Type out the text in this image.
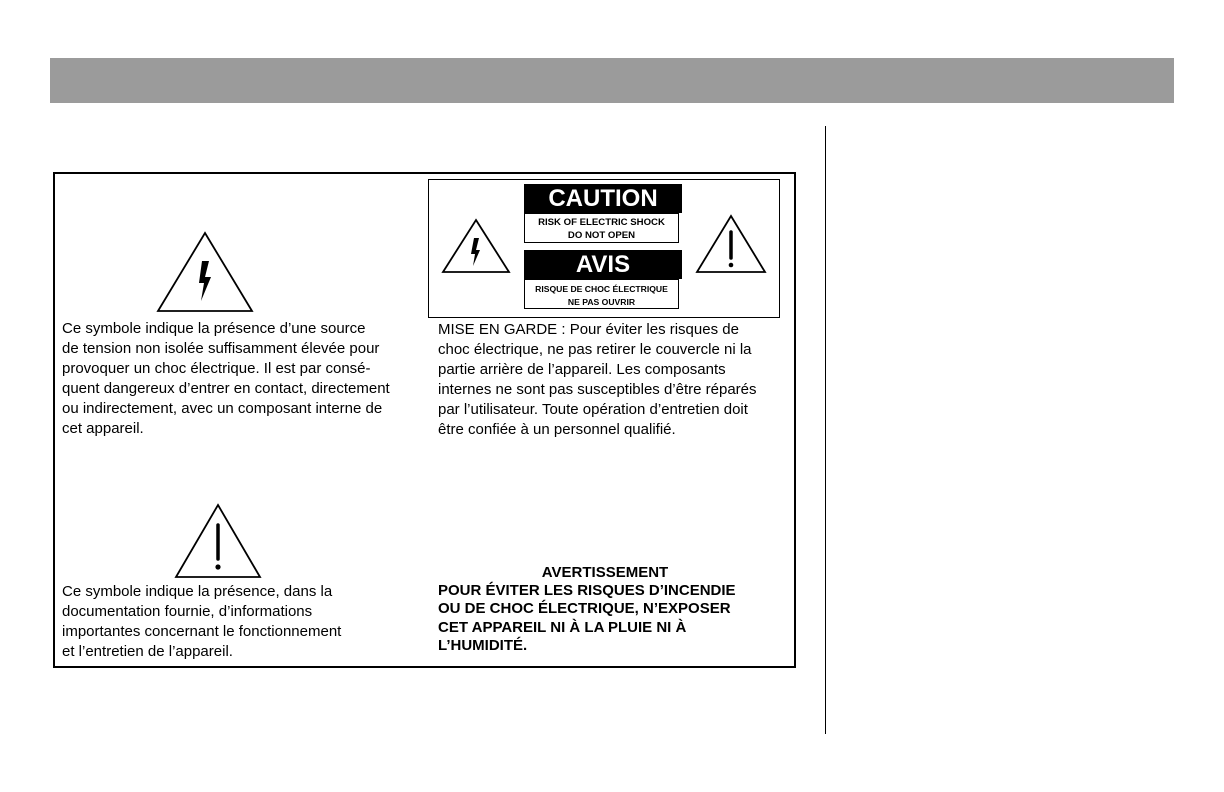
CAUTION
RISK OF ELECTRIC SHOCK
DO NOT OPEN
AVIS
RISQUE DE CHOC ÉLECTRIQUE
NE PAS OUVRIR

Ce symbole indique la présence d’une source
de tension non isolée suffisamment élevée pour
provoquer un choc électrique. Il est par consé-
quent dangereux d’entrer en contact, directement
ou indirectement, avec un composant interne de
cet appareil.

MISE EN GARDE : Pour éviter les risques de
choc électrique, ne pas retirer le couvercle ni la
partie arrière de l’appareil. Les composants
internes ne sont pas susceptibles d’être réparés
par l’utilisateur. Toute opération d’entretien doit
être confiée à un personnel qualifié.

Ce symbole indique la présence, dans la
documentation fournie, d’informations
importantes concernant le fonctionnement
et l’entretien de l’appareil.

AVERTISSEMENT

POUR ÉVITER LES RISQUES D’INCENDIE
OU DE CHOC ÉLECTRIQUE, N’EXPOSER
CET APPAREIL NI À LA PLUIE NI À
L’HUMIDITÉ.
